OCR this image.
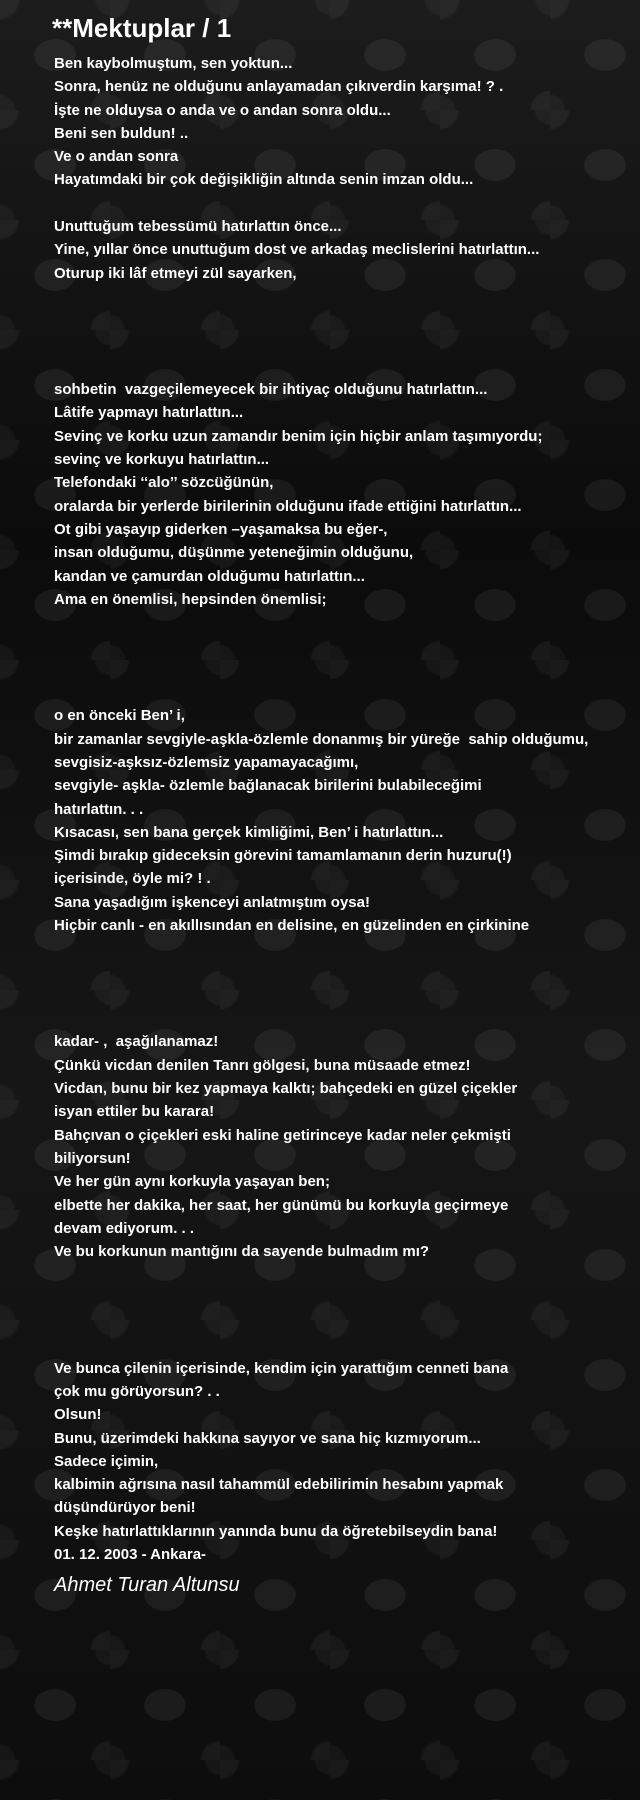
**Mektuplar / 1
Ben kaybolmuştum, sen yoktun...
Sonra, henüz ne olduğunu anlayamadan çıkıverdin karşıma! ? .
İşte ne olduysa o anda ve o andan sonra oldu...
Beni sen buldun! ..
Ve o andan sonra
Hayatımdaki bir çok değişikliğin altında senin imzan oldu...
Unuttuğum tebessümü hatırlattın önce...
Yine, yıllar önce unuttuğum dost ve arkadaş meclislerini hatırlattın...
Oturup iki lâf etmeyi zül sayarken,
sohbetin  vazgeçilemeyecek bir ihtiyaç olduğunu hatırlattın...
Lâtife yapmayı hatırlattın...
Sevinç ve korku uzun zamandır benim için hiçbir anlam taşımıyordu;
sevinç ve korkuyu hatırlattın...
Telefondaki ‘‘alo’’ sözcüğünün,
oralarda bir yerlerde birilerinin olduğunu ifade ettiğini hatırlattın...
Ot gibi yaşayıp giderken –yaşamaksa bu eğer-,
insan olduğumu, düşünme yeteneğimin olduğunu,
kandan ve çamurdan olduğumu hatırlattın...
Ama en önemlisi, hepsinden önemlisi;
o en önceki Ben’ i,
bir zamanlar sevgiyle-aşkla-özlemle donanmış bir yüreğe  sahip olduğumu,
sevgisiz-aşksız-özlemsiz yapamayacağımı,
sevgiyle- aşkla- özlemle bağlanacak birilerini bulabileceğimi
hatırlattın. . .
Kısacası, sen bana gerçek kimliğimi, Ben’ i hatırlattın...
Şimdi bırakıp gideceksin görevini tamamlamanın derin huzuru(!)
içerisinde, öyle mi? ! .
Sana yaşadığım işkenceyi anlatmıştım oysa!
Hiçbir canlı - en akıllısından en delisine, en güzelinden en çirkinine
kadar- ,  aşağılanamaz!
Çünkü vicdan denilen Tanrı gölgesi, buna müsaade etmez!
Vicdan, bunu bir kez yapmaya kalktı; bahçedeki en güzel çiçekler
isyan ettiler bu karara!
Bahçıvan o çiçekleri eski haline getirinceye kadar neler çekmişti
biliyorsun!
Ve her gün aynı korkuyla yaşayan ben;
elbette her dakika, her saat, her günümü bu korkuyla geçirmeye
devam ediyorum. . .
Ve bu korkunun mantığını da sayende bulmadım mı?
Ve bunca çilenin içerisinde, kendim için yarattığım cenneti bana
çok mu görüyorsun? . .
Olsun!
Bunu, üzerimdeki hakkına sayıyor ve sana hiç kızmıyorum...
Sadece içimin,
kalbimin ağrısına nasıl tahammül edebilirimin hesabını yapmak
düşündürüyor beni!
Keşke hatırlattıklarının yanında bunu da öğretebilseydin bana!
01. 12. 2003 - Ankara-
Ahmet Turan Altunsu
